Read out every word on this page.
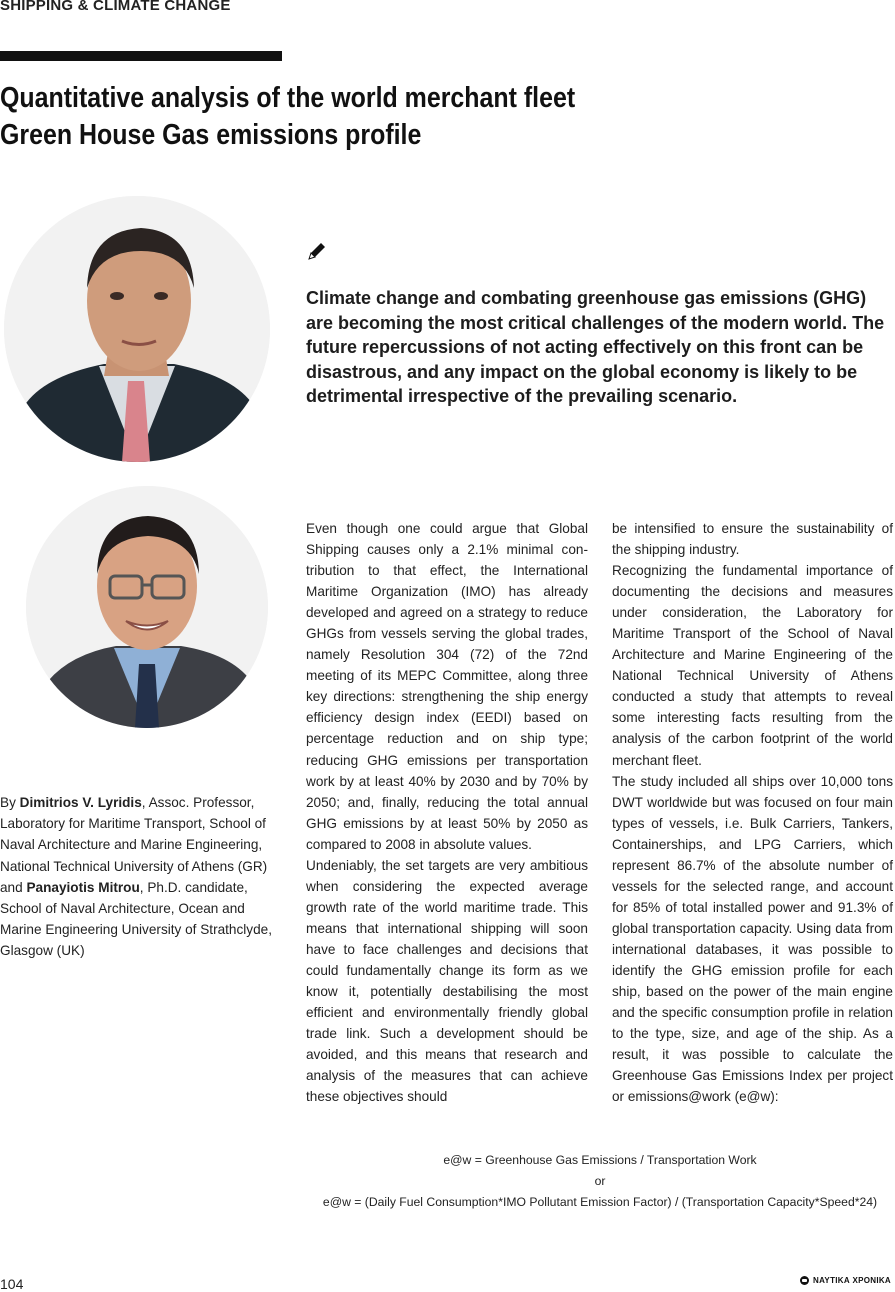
SHIPPING & CLIMATE CHANGE
Quantitative analysis of the world merchant fleet
Green House Gas emissions profile
Climate change and combating greenhouse gas emissions (GHG) are becoming the most critical challenges of the modern world. The future repercussions of not acting effectively on this front can be disastrous, and any impact on the global economy is likely to be detrimental irrespective of the prevailing scenario.
By Dimitrios V. Lyridis, Assoc. Professor, Laboratory for Maritime Transport, School of Naval Architecture and Marine Engineering, National Technical University of Athens (GR) and Panayiotis Mitrou, Ph.D. candidate, School of Naval Architecture, Ocean and Marine Engineering University of Strathclyde, Glasgow (UK)

Even though one could argue that Global Shipping causes only a 2.1% minimal contribution to that effect, the International Maritime Organization (IMO) has already developed and agreed on a strategy to reduce GHGs from vessels serving the global trades, namely Resolution 304 (72) of the 72nd meeting of its MEPC Committee, along three key directions: strengthening the ship energy efficiency design index (EEDI) based on percentage reduction and on ship type; reducing GHG emissions per transportation work by at least 40% by 2030 and by 70% by 2050; and, finally, reducing the total annual GHG emissions by at least 50% by 2050 as compared to 2008 in absolute values.

Undeniably, the set targets are very ambitious when considering the expected average growth rate of the world maritime trade. This means that international shipping will soon have to face challenges and decisions that could fundamentally change its form as we know it, potentially destabilising the most efficient and environmentally friendly global trade link. Such a development should be avoided, and this means that research and analysis of the measures that can achieve these objectives should

be intensified to ensure the sustainability of the shipping industry.

Recognizing the fundamental importance of documenting the decisions and measures under consideration, the Laboratory for Maritime Transport of the School of Naval Architecture and Marine Engineering of the National Technical University of Athens conducted a study that attempts to reveal some interesting facts resulting from the analysis of the carbon footprint of the world merchant fleet.

The study included all ships over 10,000 tons DWT worldwide but was focused on four main types of vessels, i.e. Bulk Carriers, Tankers, Containerships, and LPG Carriers, which represent 86.7% of the absolute number of vessels for the selected range, and account for 85% of total installed power and 91.3% of global transportation capacity. Using data from international databases, it was possible to identify the GHG emission profile for each ship, based on the power of the main engine and the specific consumption profile in relation to the type, size, and age of the ship. As a result, it was possible to calculate the Greenhouse Gas Emissions Index per project or emissions@work (e@w):

e@w = Greenhouse Gas Emissions / Transportation Work
or
e@w = (Daily Fuel Consumption*IMO Pollutant Emission Factor) / (Transportation Capacity*Speed*24)
104	ΝΑΥΤΙΚΑ ΧΡΟΝΙΚΑ
